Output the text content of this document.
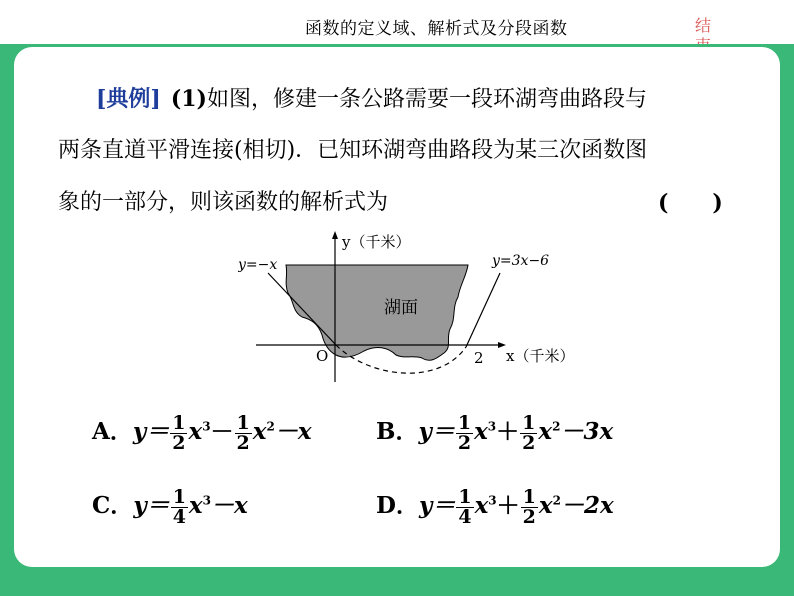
函数的定义域、解析式及分段函数	结

[典例] (1)如图，修建一条公路需要一段环湖弯曲路段与
两条直道平滑连接(相切)．已知环湖弯曲路段为某三次函数图
象的一部分，则该函数的解析式为	(　　)
y（千米）
x（千米）
O	2
湖面
y=−x	y=3x−6
A．$y= \frac{1}{2} x^3- \frac{1}{2} x^2-x$	B．$y= \frac{1}{2} x^3+ \frac{1}{2} x^2-3x$
C．$y= \frac{1}{4} x^3-x$	D．$y= \frac{1}{4} x^3+ \frac{1}{2} x^2-2x$
